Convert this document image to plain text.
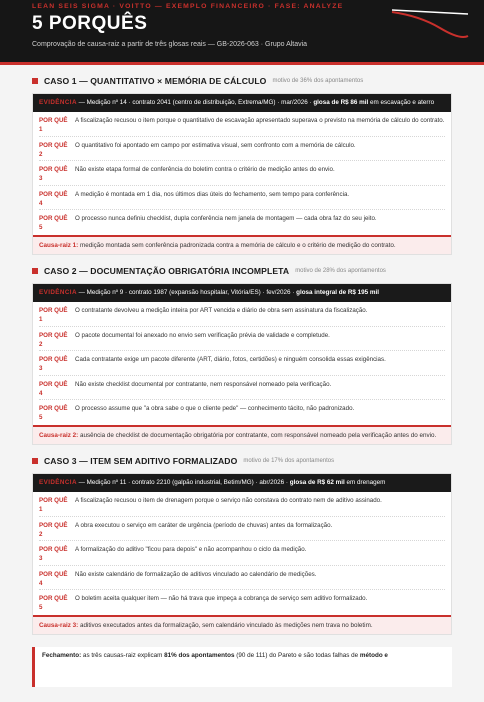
LEAN SEIS SIGMA · VOITTO — EXEMPLO FINANCEIRO · FASE: ANALYZE
5 PORQUÊS
Comprovação de causa-raiz a partir de três glosas reais — GB-2026-063 · Grupo Altavia
CASO 1 — QUANTITATIVO × MEMÓRIA DE CÁLCULO motivo de 36% dos apontamentos
EVIDÊNCIA — Medição nº 14 · contrato 2041 (centro de distribuição, Extrema/MG) · mar/2026 · glosa de R$ 86 mil em escavação e aterro
POR QUÊ
1
A fiscalização recusou o item porque o quantitativo de escavação apresentado superava o previsto na memória de cálculo do contrato.
POR QUÊ
2
O quantitativo foi apontado em campo por estimativa visual, sem confronto com a memória de cálculo.
POR QUÊ
3
Não existe etapa formal de conferência do boletim contra o critério de medição antes do envio.
POR QUÊ
4
A medição é montada em 1 dia, nos últimos dias úteis do fechamento, sem tempo para conferência.
POR QUÊ
5
O processo nunca definiu checklist, dupla conferência nem janela de montagem — cada obra faz do seu jeito.
Causa-raiz 1: medição montada sem conferência padronizada contra a memória de cálculo e o critério de medição do contrato.
CASO 2 — DOCUMENTAÇÃO OBRIGATÓRIA INCOMPLETA motivo de 28% dos apontamentos
EVIDÊNCIA — Medição nº 9 · contrato 1987 (expansão hospitalar, Vitória/ES) · fev/2026 · glosa integral de R$ 195 mil
POR QUÊ
1
O contratante devolveu a medição inteira por ART vencida e diário de obra sem assinatura da fiscalização.
POR QUÊ
2
O pacote documental foi anexado no envio sem verificação prévia de validade e completude.
POR QUÊ
3
Cada contratante exige um pacote diferente (ART, diário, fotos, certidões) e ninguém consolida essas exigências.
POR QUÊ
4
Não existe checklist documental por contratante, nem responsável nomeado pela verificação.
POR QUÊ
5
O processo assume que "a obra sabe o que o cliente pede" — conhecimento tácito, não padronizado.
Causa-raiz 2: ausência de checklist de documentação obrigatória por contratante, com responsável nomeado pela verificação antes do envio.
CASO 3 — ITEM SEM ADITIVO FORMALIZADO motivo de 17% dos apontamentos
EVIDÊNCIA — Medição nº 11 · contrato 2210 (galpão industrial, Betim/MG) · abr/2026 · glosa de R$ 62 mil em drenagem
POR QUÊ
1
A fiscalização recusou o item de drenagem porque o serviço não constava do contrato nem de aditivo assinado.
POR QUÊ
2
A obra executou o serviço em caráter de urgência (período de chuvas) antes da formalização.
POR QUÊ
3
A formalização do aditivo "ficou para depois" e não acompanhou o ciclo da medição.
POR QUÊ
4
Não existe calendário de formalização de aditivos vinculado ao calendário de medições.
POR QUÊ
5
O boletim aceita qualquer item — não há trava que impeça a cobrança de serviço sem aditivo formalizado.
Causa-raiz 3: aditivos executados antes da formalização, sem calendário vinculado às medições nem trava no boletim.
Fechamento: as três causas-raiz explicam 81% dos apontamentos (90 de 111) do Pareto e são todas falhas de método e
